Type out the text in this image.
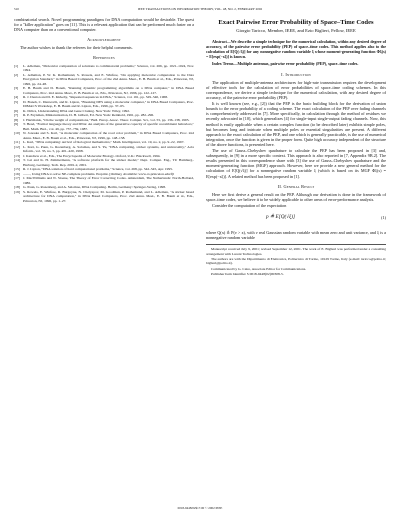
510	IEEE TRANSACTIONS ON INFORMATION THEORY, VOL. 48, NO. 2, FEBRUARY 2002

combinatorial search. Novel programming paradigms for DNA computation would be desirable. The quest for a "killer application" goes on [11]. This is a relevant application that can be performed much faster on a DNA computer than on a conventional computer.

Acknowledgment

The author wishes to thank the referees for their helpful comments.

References
[1] L. Adleman, "Molecular computation of solutions to combinatorial problems," Science, vol. 266, pp. 1021–1024, Nov. 1994.
[2] L. Adleman, P. W. K. Rothemund, S. Roweis, and E. Winfree, "On applying molecular computation to the Data Encryption Standard," in DNA Based Computers, Proc. of the 2nd Annu. Meet., E. B. Baum et al., Eds., Princeton, NJ, 1996, pp. 24–48.
[3] E. B. Baum and D. Boneh, "Running dynamic programming algorithms on a DNA computer," in DNA Based Computers, Proc. 2nd Annu. Meet., E. B. Baum et al., Eds., Princeton, NJ, 1996, pp. 122–127.
[4] R. J. Deaton and D. E. Kirkeby, "Repeated sequences in DNA," Science, vol. 161, pp. 529–540, 1968.
[5] D. Boneh, C. Dunworth, and R. Lipton, "Breaking DES using a molecular computer," in DNA Based Computers, Proc. DIMACS Workshop, E. B. Baum and R. Lipton, Eds., 1996, pp. 37–65.
[6] K. Drlica, Understanding DNA and Gene Cloning. New York: Wiley, 1992.
[7] R. P. Feynman, Miniaturization, D. H. Gilbert, Ed. New York: Reinhold, 1961, pp. 282–296.
[8] J. Hartmanis, "On the weight of computations," Bull. Europ. Assoc. Theor. Comput. Sci., vol. 55, pp. 136–138, 1995.
[9] T. Head, "Formal language theory and DNA: An analysis of the generative capacity of specific recombinant behaviors," Bull. Math. Biol., vol. 49, pp. 737–759, 1987.
[10] N. Jonoska and S. Karl, "A molecular computation of the road color problem," in DNA Based Computers, Proc. 2nd Annu. Meet., E. B. Baum et al., Eds., Princeton, NJ, 1996, pp. 148–158.
[11] L. Kari, "DNA computing: Arrival of biological mathematics," Math. Intelligencer, vol. 19, no. 2, pp. 9–22, 1997.
[12] L. Kari, G. Paun, G. Rozenberg, A. Salomaa, and S. Yu, "DNA computing, sticker systems, and universality," Acta Inform., vol. 35, no. 5, pp. 401–420, 1998.
[13] J. Kendrew et al., Eds., The Encyclopedia of Molecular Biology. Oxford, U.K.: Blackwell, 1994.
[14] T. Lai and K. H. Zimmermann, "A software platform for the sticker model," Dept. Comput. Eng., TU Hamburg–Harburg, Germany, Tech. Rep. 2001-2, 2001.
[15] R. J. Lipton, "DNA solution of hard computational problems," Science, vol. 268, pp. 542–545, Apr. 1995.
[16] ——, Using DNA to solve NP-complete problems. Preprint. [Online]. Available: www.cs.princeton.edu/fjl
[17] J. MacWilliams and N. Sloane, The Theory of Error Correcting Codes. Amsterdam, The Netherlands: North-Holland, 1986.
[18] G. Paun, G. Rozenberg, and A. Salomaa, DNA Computing. Berlin, Germany: Springer-Verlag, 1998.
[19] S. Roweis, E. Winfree, R. Burgoyne, N. Chelyapov, M. Goodman, P. Rothemund, and L. Adleman, "A sticker based architecture for DNA computation," in DNA Based Computers, Proc. 2nd Annu. Meet., E. B. Baum et al., Eds., Princeton, NJ, 1996, pp. 1–27.
Exact Pairwise Error Probability of Space–Time Codes
Giorgio Taricco, Member, IEEE, and Ezio Biglieri, Fellow, IEEE
Abstract—We describe a simple technique for the numerical calculation, within any desired degree of accuracy, of the pairwise error probability (PEP) of space–time codes. This method applies also to the calculation of E[Q(√ξ)] for any nonnegative random variable ξ whose moment-generating function Φξ(s) = E[exp(−sξ)] is known.
Index Terms—Multiple antennas, pairwise error probability (PEP), space–time codes.
I. Introduction

The application of multiple-antenna architectures for high-rate transmission requires the development of effective tools for the calculation of error probabilities of space–time coding schemes. In this correspondence, we derive a simple technique for the numerical calculation, with any desired degree of accuracy, of the pairwise error probability (PEP).

It is well known (see, e.g., [2]) that the PEP is the basic building block for the derivation of union bounds to the error probability of a coding scheme. The exact calculation of the PEP over fading channels is comprehensively addressed in [7]. More specifically, in calculation through the method of residues we recently advocated in [10], which generalizes [4] for single-input single-output fading channels. Now, this method is easily applicable when a certain complex function (to be described later) exhibits simple poles, but becomes long and intricate when multiple poles or essential singularities are present. A different approach to the exact calculation of the PEP, and one which is generally practicable, is the use of numerical integration, once the function is given in the proper form. Quite high accuracy independent of the structure of the above functions, is presented here.

The use of Gauss–Chebyshev quadrature to calculate the PEP has been proposed in [3] and, subsequently, in [9] in a more specific context. This approach is also reported in [7, Appendix 9B.2]. The results presented in this correspondence share with [3] the use of Gauss–Chebyshev quadrature and the moment-generating function (MGF) approach. However, here we provide a new general method for the calculation of E[Q(√ξ)] for a nonnegative random variable ξ (which is based on its MGF Φξ(s) = E[exp(−sξ)]. A related method has been proposed in [1].

II. General Result

Here we first derive a general result on the PEP. Although our derivation is done in the framework of space–time codes, we believe it to be widely applicable to other areas of error-performance analysis.

Consider the computation of the expectation

p ≜ E[Q(√ξ)]	(1)

where Q(x) ≜ P(ν > x), with ν real Gaussian random variable with mean zero and unit variance, and ξ is a nonnegative random variable

Manuscript received July 9, 2001; revised September 12, 2001. The work of E. Biglieri was performed under a consulting arrangement with Lucent Technologies.

The authors are with the Dipartimento di Elettronica, Politecnico di Torino, 10129 Torino, Italy (e-mail: taricco@polito.it; biglieri@polito.it).

Communicated by G. Caire, Associate Editor for Communications.

Publisher Item Identifier S 0018-9448(02)00308-5.

0018-9448/02$17.00 © 2002 IEEE
